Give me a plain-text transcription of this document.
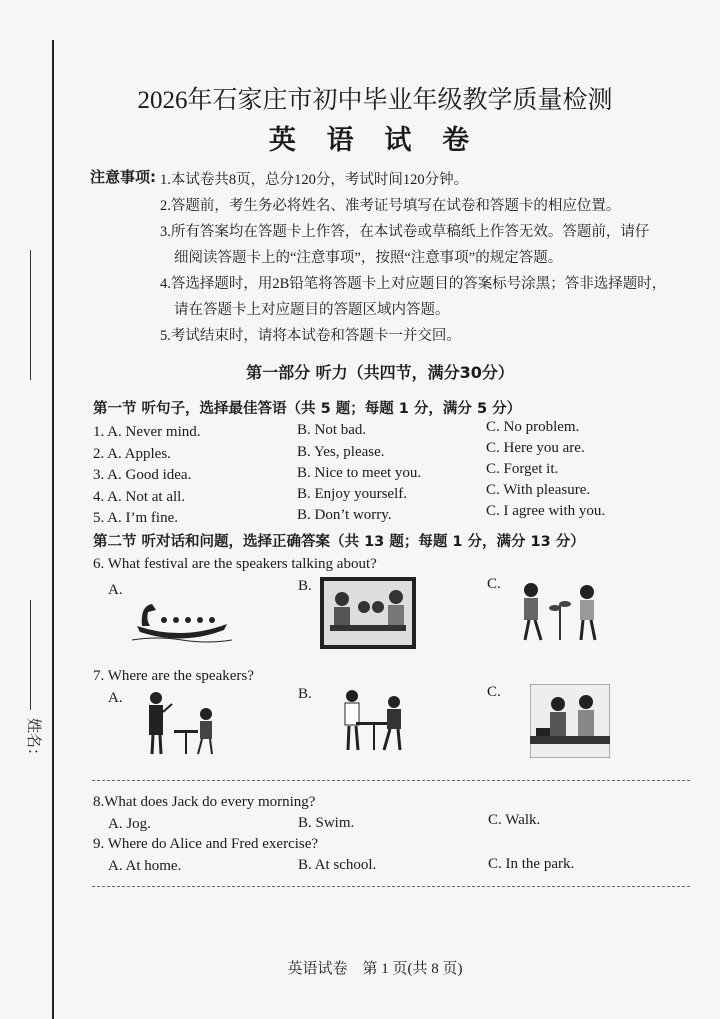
姓名：
2026年石家庄市初中毕业年级教学质量检测
英 语 试 卷
注意事项: 1.本试卷共8页，总分120分，考试时间120分钟。
2.答题前，考生务必将姓名、准考证号填写在试卷和答题卡的相应位置。
3.所有答案均在答题卡上作答，在本试卷或草稿纸上作答无效。答题前，请仔
细阅读答题卡上的“注意事项”，按照“注意事项”的规定答题。
4.答选择题时，用2B铅笔将答题卡上对应题目的答案标号涂黑；答非选择题时，
请在答题卡上对应题目的答题区域内答题。
5.考试结束时，请将本试卷和答题卡一并交回。
第一部分 听力（共四节，满分30分）
第一节 听句子，选择最佳答语（共 5 题；每题 1 分，满分 5 分）
1. A. Never mind.	B. Not bad.	C. No problem.
2. A. Apples.	B. Yes, please.	C. Here you are.
3. A. Good idea.	B. Nice to meet you.	C. Forget it.
4. A. Not at all.	B. Enjoy yourself.	C. With pleasure.
5. A. I’m fine.	B. Don’t worry.	C. I agree with you.
第二节 听对话和问题，选择正确答案（共 13 题；每题 1 分，满分 13 分）
6. What festival are the speakers talking about?
A.	B.	C.
7. Where are the speakers?
A.	B.	C.
8.What does Jack do every morning?
A. Jog.	B. Swim.	C. Walk.
9. Where do Alice and Fred exercise?
A. At home.	B. At school.	C. In the park.
英语试卷　第 1 页(共 8 页)
